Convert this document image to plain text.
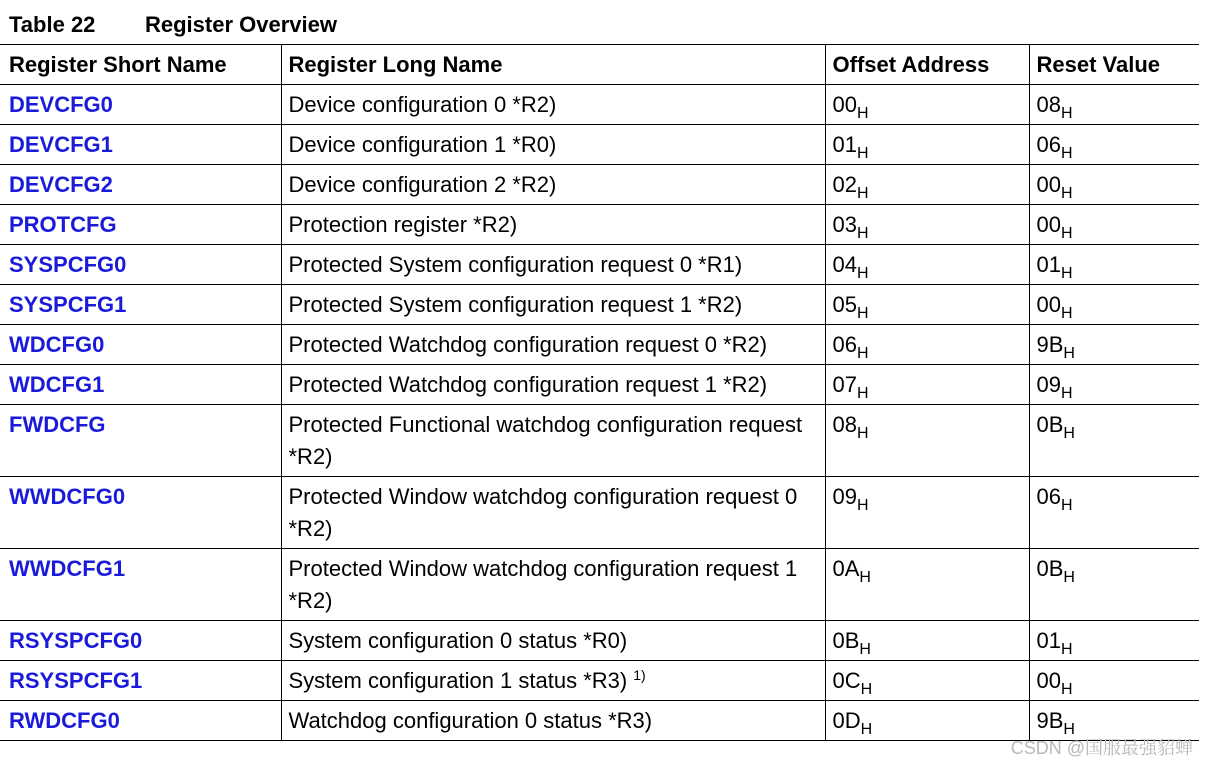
Table 22 Register Overview
Register Short Name	Register Long Name	Offset Address	Reset Value
DEVCFG0	Device configuration 0 *R2)	$00_H$	$08_H$
DEVCFG1	Device configuration 1 *R0)	$01_H$	$06_H$
DEVCFG2	Device configuration 2 *R2)	$02_H$	$00_H$
PROTCFG	Protection register *R2)	$03_H$	$00_H$
SYSPCFG0	Protected System configuration request 0 *R1)	$04_H$	$01_H$
SYSPCFG1	Protected System configuration request 1 *R2)	$05_H$	$00_H$
WDCFG0	Protected Watchdog configuration request 0 *R2)	$06_H$	$9B_H$
WDCFG1	Protected Watchdog configuration request 1 *R2)	$07_H$	$09_H$
FWDCFG	Protected Functional watchdog configuration request *R2)	$08_H$	$0B_H$
WWDCFG0	Protected Window watchdog configuration request 0 *R2)	$09_H$	$06_H$
WWDCFG1	Protected Window watchdog configuration request 1 *R2)	$0A_H$	$0B_H$
RSYSPCFG0	System configuration 0 status *R0)	$0B_H$	$01_H$
RSYSPCFG1	System configuration 1 status *R3) $^{1)}$	$0C_H$	$00_H$
RWDCFG0	Watchdog configuration 0 status *R3)	$0D_H$	$9B_H$
CSDN @国服最强貂蝉
